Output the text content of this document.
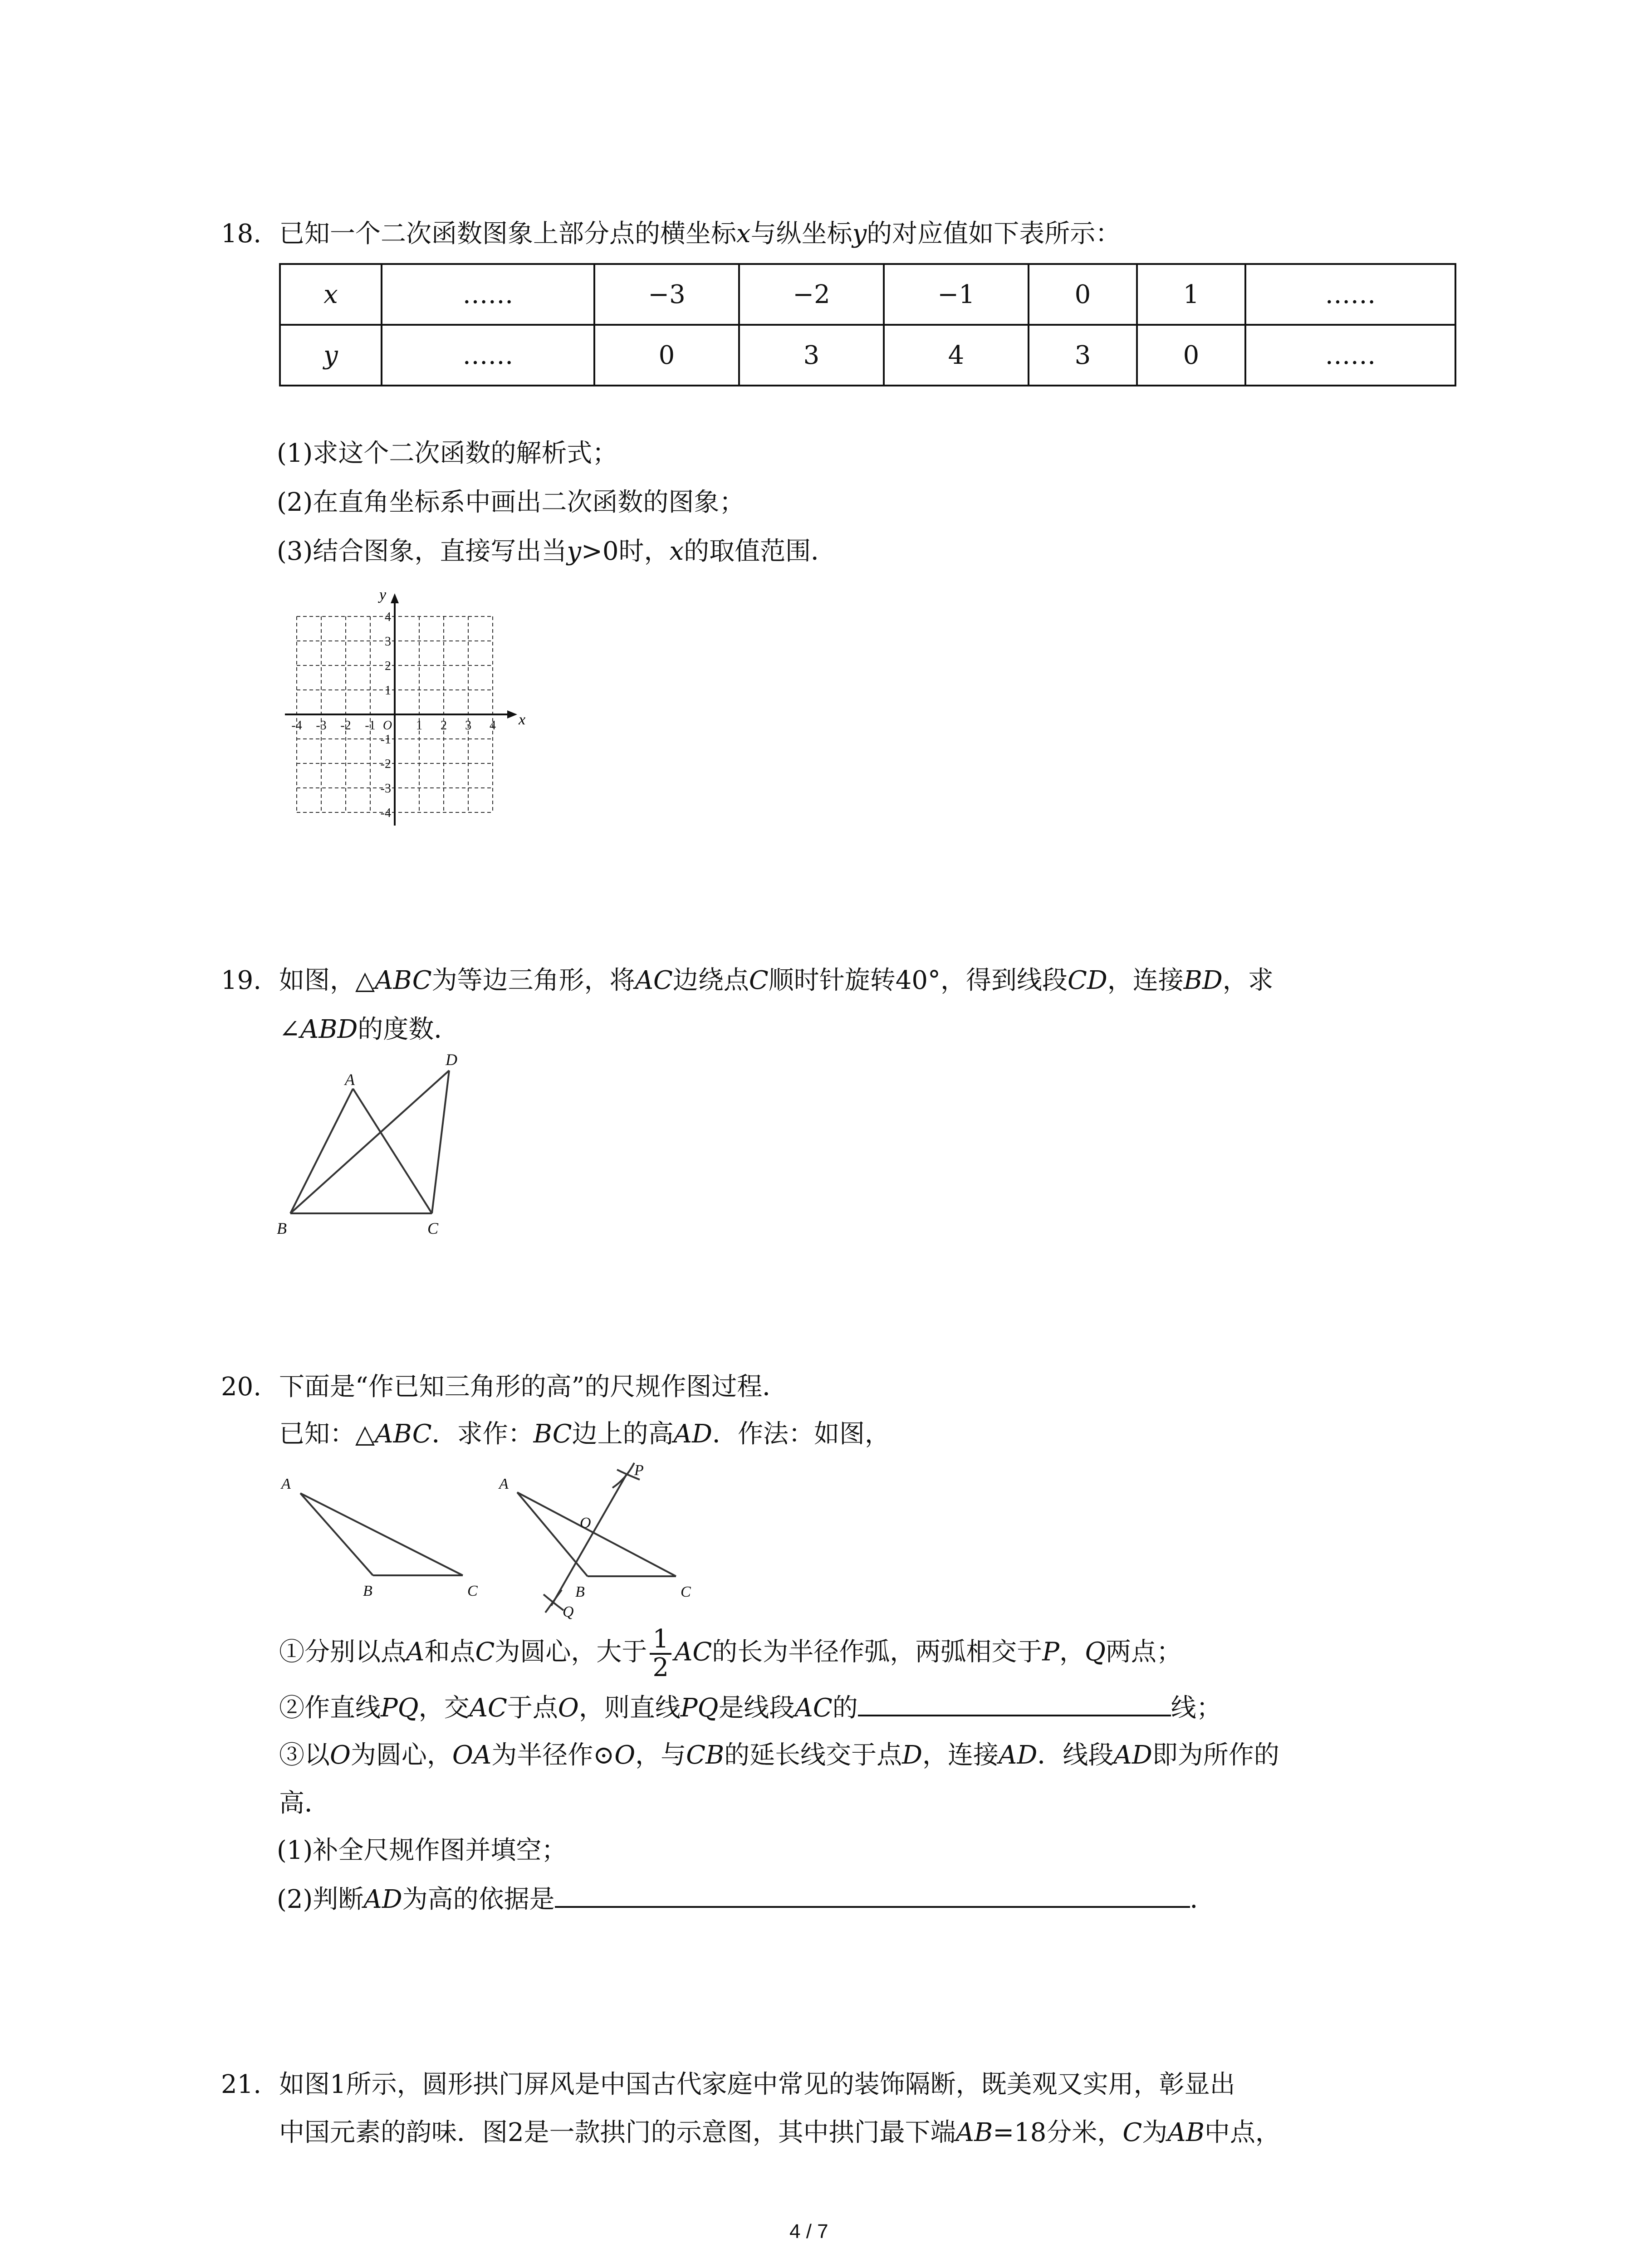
18. 已知一个二次函数图象上部分点的横坐标x与纵坐标y的对应值如下表所示：
x	……	−3	−2	−1	0	1	……
y	……	0	3	4	3	0	……
(1)求这个二次函数的解析式；
(2)在直角坐标系中画出二次函数的图象；
(3)结合图象，直接写出当y>0时，x的取值范围．
x
y
-4 -3 -2 -1 O 1 2 3 4
4
3
2
1
-1
-2
-3
-4
19. 如图，△ABC为等边三角形，将AC边绕点C顺时针旋转40°，得到线段CD，连接BD，求
∠ABD的度数．
A
B	C
D
20. 下面是“作已知三角形的高”的尺规作图过程．
已知：△ABC．求作：BC边上的高AD．作法：如图，
A
B	C
A
B	C
O
P
Q
①分别以点A和点C为圆心，大于 $\frac{1}{2}$ AC的长为半径作弧，两弧相交于P，Q两点；
②作直线PQ，交AC于点O，则直线PQ是线段AC的	线；
③以O为圆心，OA为半径作⊙O，与CB的延长线交于点D，连接AD．线段AD即为所作的
高．
(1)补全尺规作图并填空；
(2)判断AD为高的依据是	．
21. 如图1所示，圆形拱门屏风是中国古代家庭中常见的装饰隔断，既美观又实用，彰显出
中国元素的韵味．图2是一款拱门的示意图，其中拱门最下端AB=18分米，C为AB中点，
4 / 7
